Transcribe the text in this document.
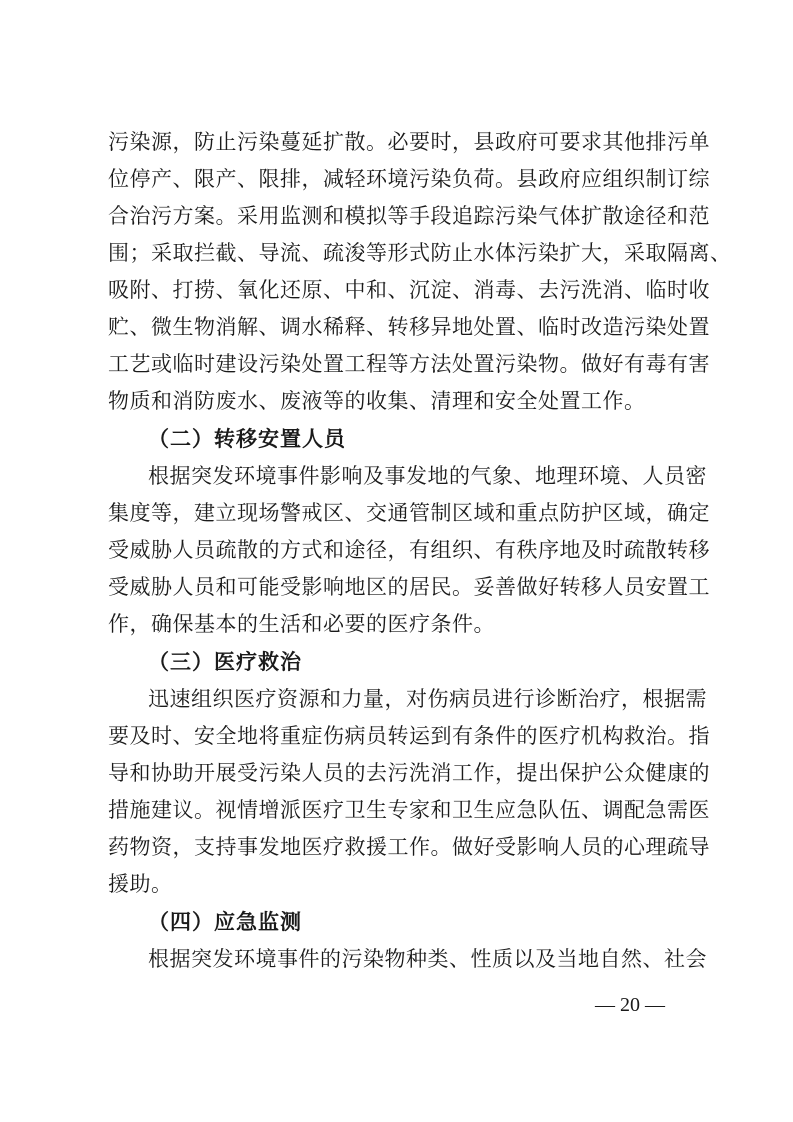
污染源，防止污染蔓延扩散。必要时，县政府可要求其他排污单
位停产、限产、限排，减轻环境污染负荷。县政府应组织制订综
合治污方案。采用监测和模拟等手段追踪污染气体扩散途径和范
围；采取拦截、导流、疏浚等形式防止水体污染扩大，采取隔离、
吸附、打捞、氧化还原、中和、沉淀、消毒、去污洗消、临时收
贮、微生物消解、调水稀释、转移异地处置、临时改造污染处置
工艺或临时建设污染处置工程等方法处置污染物。做好有毒有害
物质和消防废水、废液等的收集、清理和安全处置工作。
（二）转移安置人员
根据突发环境事件影响及事发地的气象、地理环境、人员密
集度等，建立现场警戒区、交通管制区域和重点防护区域，确定
受威胁人员疏散的方式和途径，有组织、有秩序地及时疏散转移
受威胁人员和可能受影响地区的居民。妥善做好转移人员安置工
作，确保基本的生活和必要的医疗条件。
（三）医疗救治
迅速组织医疗资源和力量，对伤病员进行诊断治疗，根据需
要及时、安全地将重症伤病员转运到有条件的医疗机构救治。指
导和协助开展受污染人员的去污洗消工作，提出保护公众健康的
措施建议。视情增派医疗卫生专家和卫生应急队伍、调配急需医
药物资，支持事发地医疗救援工作。做好受影响人员的心理疏导
援助。
（四）应急监测
根据突发环境事件的污染物种类、性质以及当地自然、社会
— 20 —
